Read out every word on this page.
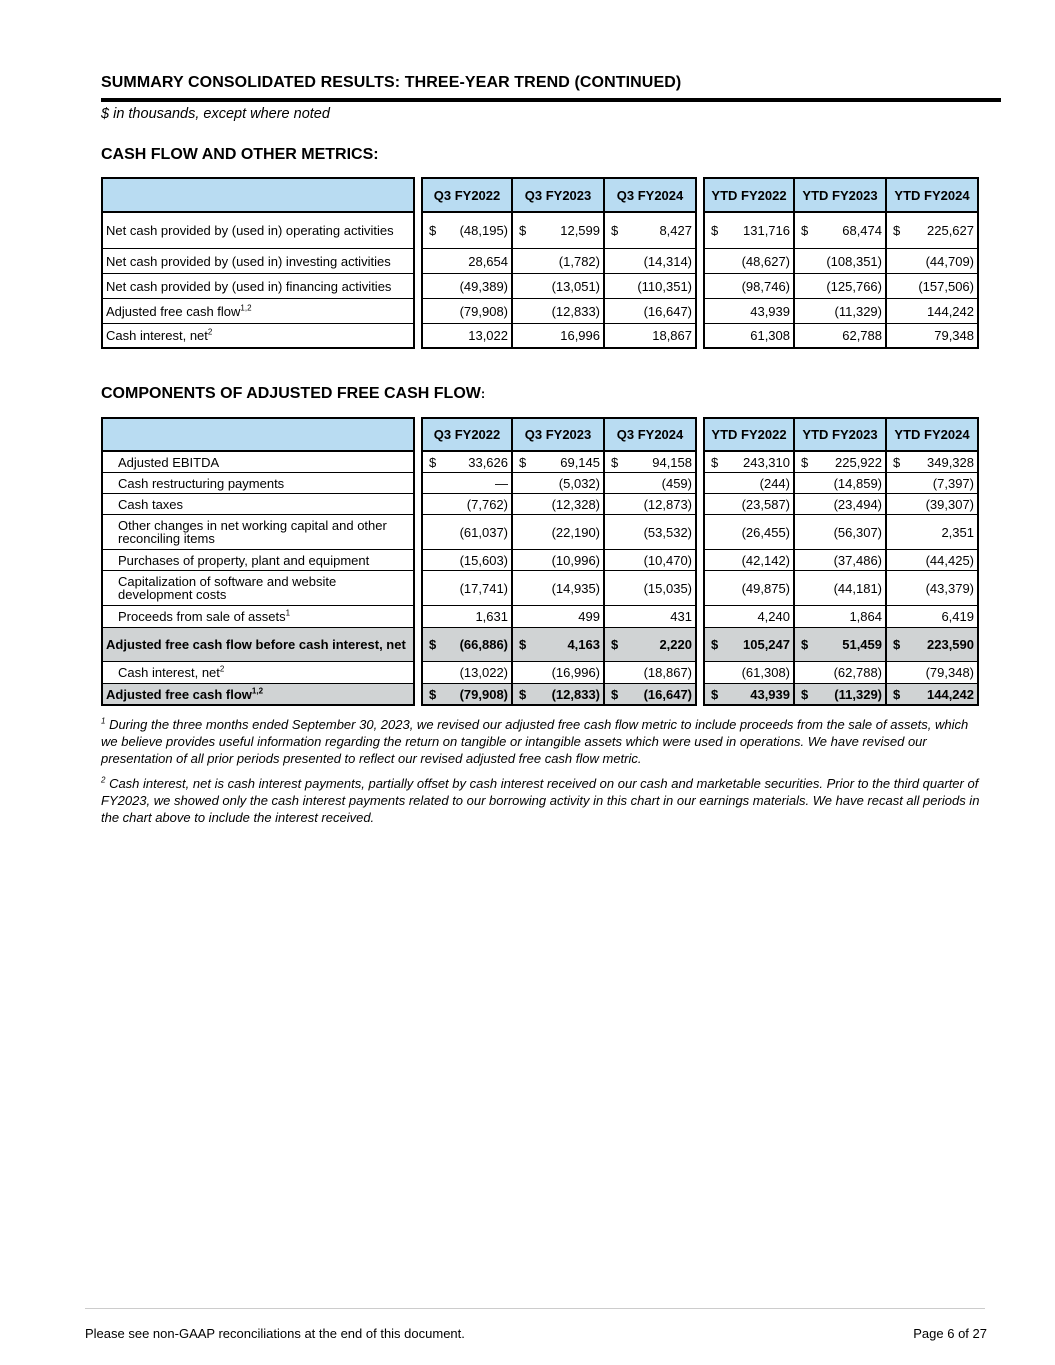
SUMMARY CONSOLIDATED RESULTS: THREE-YEAR TREND (CONTINUED)
$ in thousands, except where noted
CASH FLOW AND OTHER METRICS:
		Q3 FY2022	Q3 FY2023	Q3 FY2024		YTD FY2022	YTD FY2023	YTD FY2024
Net cash provided by (used in) operating activities		$ (48,195)	$ 12,599	$ 8,427		$ 131,716	$ 68,474	$ 225,627
Net cash provided by (used in) investing activities		28,654	(1,782)	(14,314)		(48,627)	(108,351)	(44,709)
Net cash provided by (used in) financing activities		(49,389)	(13,051)	(110,351)		(98,746)	(125,766)	(157,506)
Adjusted free cash flow$^{1,2}$		(79,908)	(12,833)	(16,647)		43,939	(11,329)	144,242
Cash interest, net$^2$		13,022	16,996	18,867		61,308	62,788	79,348
COMPONENTS OF ADJUSTED FREE CASH FLOW:
		Q3 FY2022	Q3 FY2023	Q3 FY2024		YTD FY2022	YTD FY2023	YTD FY2024
Adjusted EBITDA		$ 33,626	$ 69,145	$ 94,158		$ 243,310	$ 225,922	$ 349,328
Cash restructuring payments		—	(5,032)	(459)		(244)	(14,859)	(7,397)
Cash taxes		(7,762)	(12,328)	(12,873)		(23,587)	(23,494)	(39,307)
Other changes in net working capital and other reconciling items		(61,037)	(22,190)	(53,532)		(26,455)	(56,307)	2,351
Purchases of property, plant and equipment		(15,603)	(10,996)	(10,470)		(42,142)	(37,486)	(44,425)
Capitalization of software and website development costs		(17,741)	(14,935)	(15,035)		(49,875)	(44,181)	(43,379)
Proceeds from sale of assets$^1$		1,631	499	431		4,240	1,864	6,419
Adjusted free cash flow before cash interest, net		$ (66,886)	$ 4,163	$ 2,220		$ 105,247	$ 51,459	$ 223,590
Cash interest, net$^2$		(13,022)	(16,996)	(18,867)		(61,308)	(62,788)	(79,348)
Adjusted free cash flow$^{1,2}$		$ (79,908)	$ (12,833)	$ (16,647)		$ 43,939	$ (11,329)	$ 144,242
$^1$ During the three months ended September 30, 2023, we revised our adjusted free cash flow metric to include proceeds from the sale of assets, which we believe provides useful information regarding the return on tangible or intangible assets which were used in operations. We have revised our presentation of all prior periods presented to reflect our revised adjusted free cash flow metric.
$^2$ Cash interest, net is cash interest payments, partially offset by cash interest received on our cash and marketable securities. Prior to the third quarter of FY2023, we showed only the cash interest payments related to our borrowing activity in this chart in our earnings materials. We have recast all periods in the chart above to include the interest received.
Please see non-GAAP reconciliations at the end of this document.	Page 6 of 27
